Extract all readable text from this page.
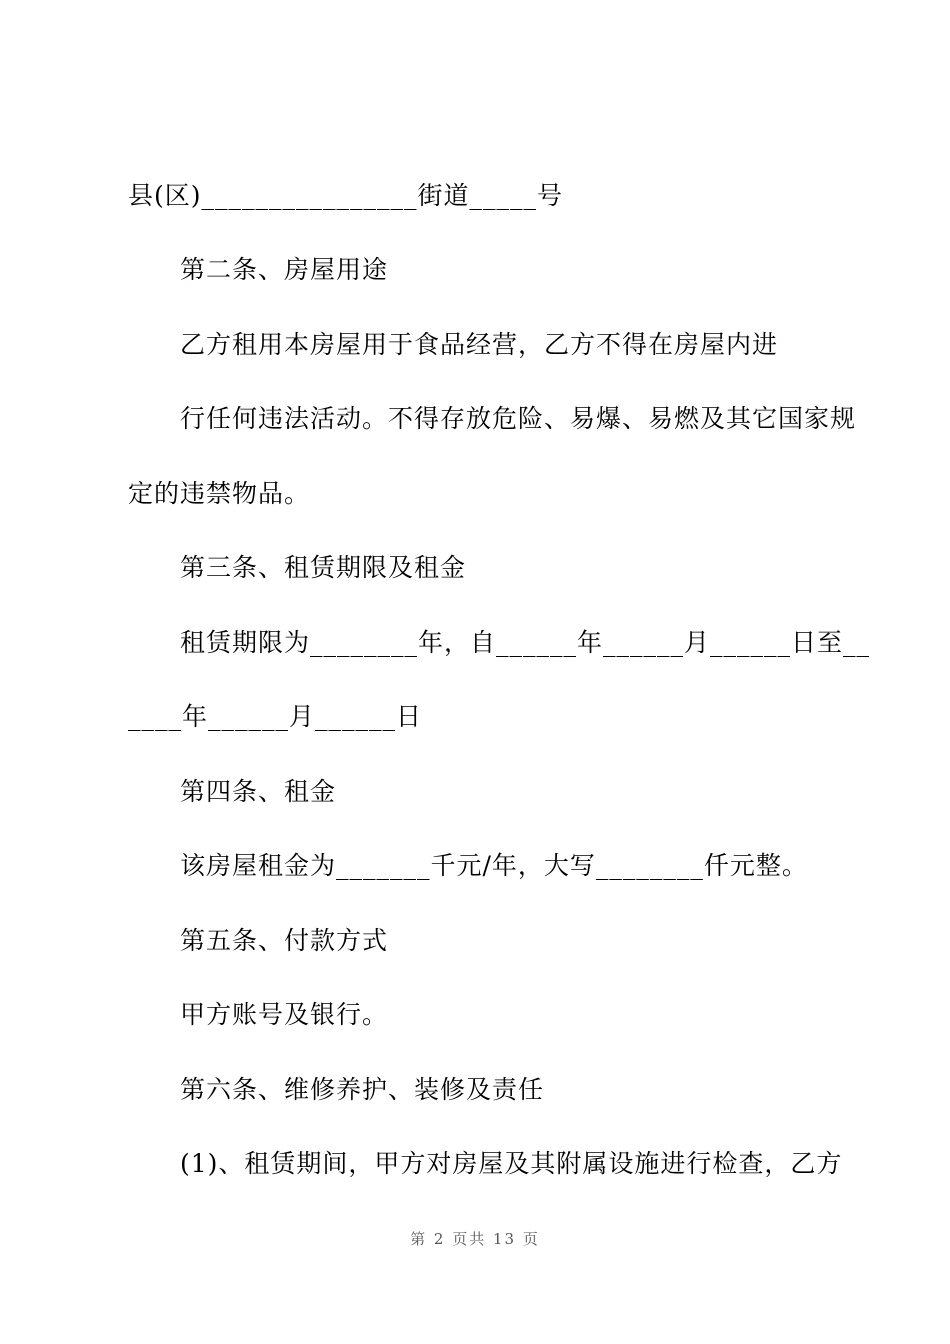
县(区)________________街道_____号
第二条、房屋用途
乙方租用本房屋用于食品经营，乙方不得在房屋内进
行任何违法活动。不得存放危险、易爆、易燃及其它国家规
定的违禁物品。
第三条、租赁期限及租金
租赁期限为________年，自______年______月______日至__
____年______月______日
第四条、租金
该房屋租金为_______千元/年，大写________仟元整。
第五条、付款方式
甲方账号及银行。
第六条、维修养护、装修及责任
(1)、租赁期间，甲方对房屋及其附属设施进行检查，乙方
第 2 页共 13 页
